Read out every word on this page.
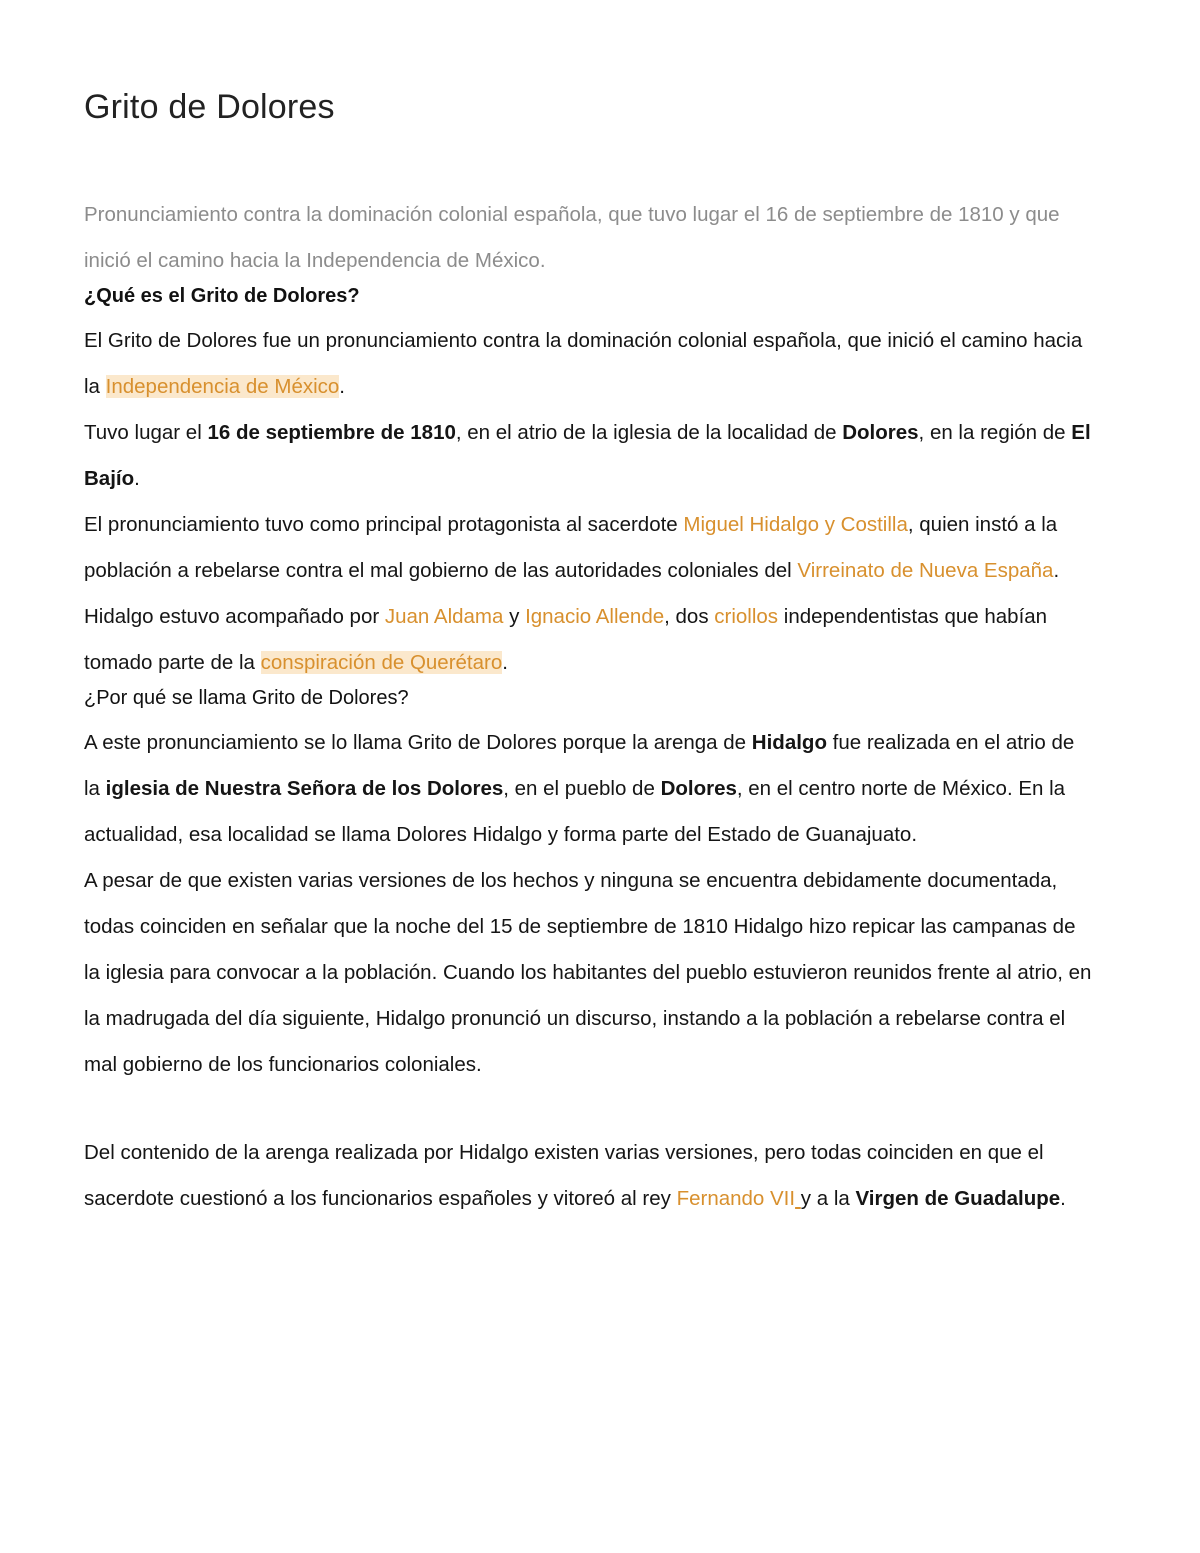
Grito de Dolores

Pronunciamiento contra la dominación colonial española, que tuvo lugar el 16 de septiembre de 1810 y que inició el camino hacia la Independencia de México.

¿Qué es el Grito de Dolores?

El Grito de Dolores fue un pronunciamiento contra la dominación colonial española, que inició el camino hacia la Independencia de México.

Tuvo lugar el 16 de septiembre de 1810, en el atrio de la iglesia de la localidad de Dolores, en la región de El Bajío.

El pronunciamiento tuvo como principal protagonista al sacerdote Miguel Hidalgo y Costilla, quien instó a la población a rebelarse contra el mal gobierno de las autoridades coloniales del Virreinato de Nueva España.

Hidalgo estuvo acompañado por Juan Aldama y Ignacio Allende, dos criollos independentistas que habían tomado parte de la conspiración de Querétaro.

¿Por qué se llama Grito de Dolores?

A este pronunciamiento se lo llama Grito de Dolores porque la arenga de Hidalgo fue realizada en el atrio de la iglesia de Nuestra Señora de los Dolores, en el pueblo de Dolores, en el centro norte de México. En la actualidad, esa localidad se llama Dolores Hidalgo y forma parte del Estado de Guanajuato.

A pesar de que existen varias versiones de los hechos y ninguna se encuentra debidamente documentada, todas coinciden en señalar que la noche del 15 de septiembre de 1810 Hidalgo hizo repicar las campanas de la iglesia para convocar a la población. Cuando los habitantes del pueblo estuvieron reunidos frente al atrio, en la madrugada del día siguiente, Hidalgo pronunció un discurso, instando a la población a rebelarse contra el mal gobierno de los funcionarios coloniales.

Del contenido de la arenga realizada por Hidalgo existen varias versiones, pero todas coinciden en que el sacerdote cuestionó a los funcionarios españoles y vitoreó al rey Fernando VII y a la Virgen de Guadalupe.
